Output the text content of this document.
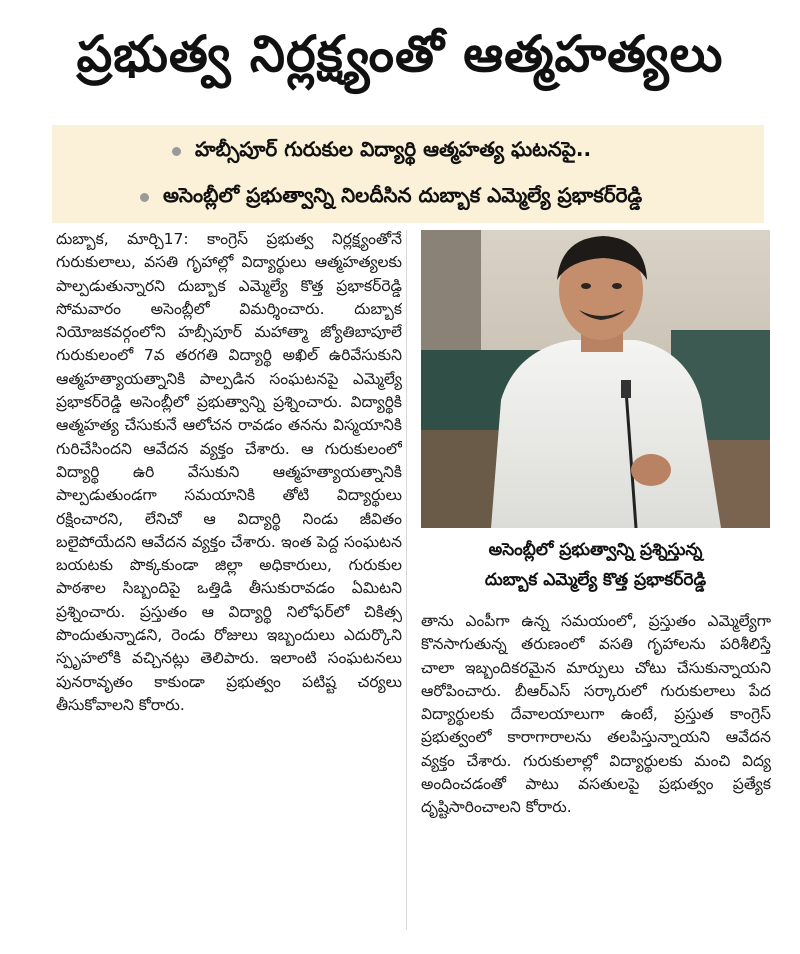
ప్రభుత్వ నిర్లక్ష్యంతో ఆత్మహత్యలు
హబ్సీపూర్ గురుకుల విద్యార్థి ఆత్మహత్య ఘటనపై..
అసెంబ్లీలో ప్రభుత్వాన్ని నిలదీసిన దుబ్బాక ఎమ్మెల్యే ప్రభాకర్‌రెడ్డి
దుబ్బాక, మార్చి17: కాంగ్రెస్ ప్రభుత్వ నిర్లక్ష్యంతోనే గురుకులాలు, వసతి గృహాల్లో విద్యార్థులు ఆత్మహత్యలకు పాల్పడుతున్నారని దుబ్బాక ఎమ్మెల్యే కొత్త ప్రభాకర్‌రెడ్డి సోమవారం అసెంబ్లీలో విమర్శించారు. దుబ్బాక నియోజకవర్గంలోని హబ్సీపూర్ మహాత్మా జ్యోతిబాపూలే గురుకులంలో 7వ తరగతి విద్యార్థి అఖిల్ ఉరివేసుకుని ఆత్మహత్యాయత్నానికి పాల్పడిన సంఘటనపై ఎమ్మెల్యే ప్రభాకర్‌రెడ్డి అసెంబ్లీలో ప్రభుత్వాన్ని ప్రశ్నించారు. విద్యార్థికి ఆత్మహత్య చేసుకునే ఆలోచన రావడం తనను విస్మయానికి గురిచేసిందని ఆవేదన వ్యక్తం చేశారు. ఆ గురుకులంలో విద్యార్థి ఉరి వేసుకుని ఆత్మహత్యాయత్నానికి పాల్పడుతుండగా సమయానికి తోటి విద్యార్థులు రక్షించారని, లేనిచో ఆ విద్యార్థి నిండు జీవితం బలైపోయేదని ఆవేదన వ్యక్తం చేశారు. ఇంత పెద్ద సంఘటన బయటకు పొక్కకుండా జిల్లా అధికారులు, గురుకుల పాఠశాల సిబ్బందిపై ఒత్తిడి తీసుకురావడం ఏమిటని ప్రశ్నించారు. ప్రస్తుతం ఆ విద్యార్థి నిలోఫర్‌లో చికిత్స పొందుతున్నాడని, రెండు రోజులు ఇబ్బందులు ఎదుర్కొని స్పృహలోకి వచ్చినట్లు తెలిపారు. ఇలాంటి సంఘటనలు పునరావృతం కాకుండా ప్రభుత్వం పటిష్ట చర్యలు తీసుకోవాలని కోరారు.
అసెంబ్లీలో ప్రభుత్వాన్ని ప్రశ్నిస్తున్న
దుబ్బాక ఎమ్మెల్యే కొత్త ప్రభాకర్‌రెడ్డి
తాను ఎంపీగా ఉన్న సమయంలో, ప్రస్తుతం ఎమ్మెల్యేగా కొనసాగుతున్న తరుణంలో వసతి గృహాలను పరిశీలిస్తే చాలా ఇబ్బందికరమైన మార్పులు చోటు చేసుకున్నాయని ఆరోపించారు. బీఆర్ఎస్ సర్కారులో గురుకులాలు పేద విద్యార్థులకు దేవాలయాలుగా ఉంటే, ప్రస్తుత కాంగ్రెస్ ప్రభుత్వంలో కారాగారాలను తలపిస్తున్నాయని ఆవేదన వ్యక్తం చేశారు. గురుకులాల్లో విద్యార్థులకు మంచి విద్య అందించడంతో పాటు వసతులపై ప్రభుత్వం ప్రత్యేక దృష్టిసారించాలని కోరారు.
